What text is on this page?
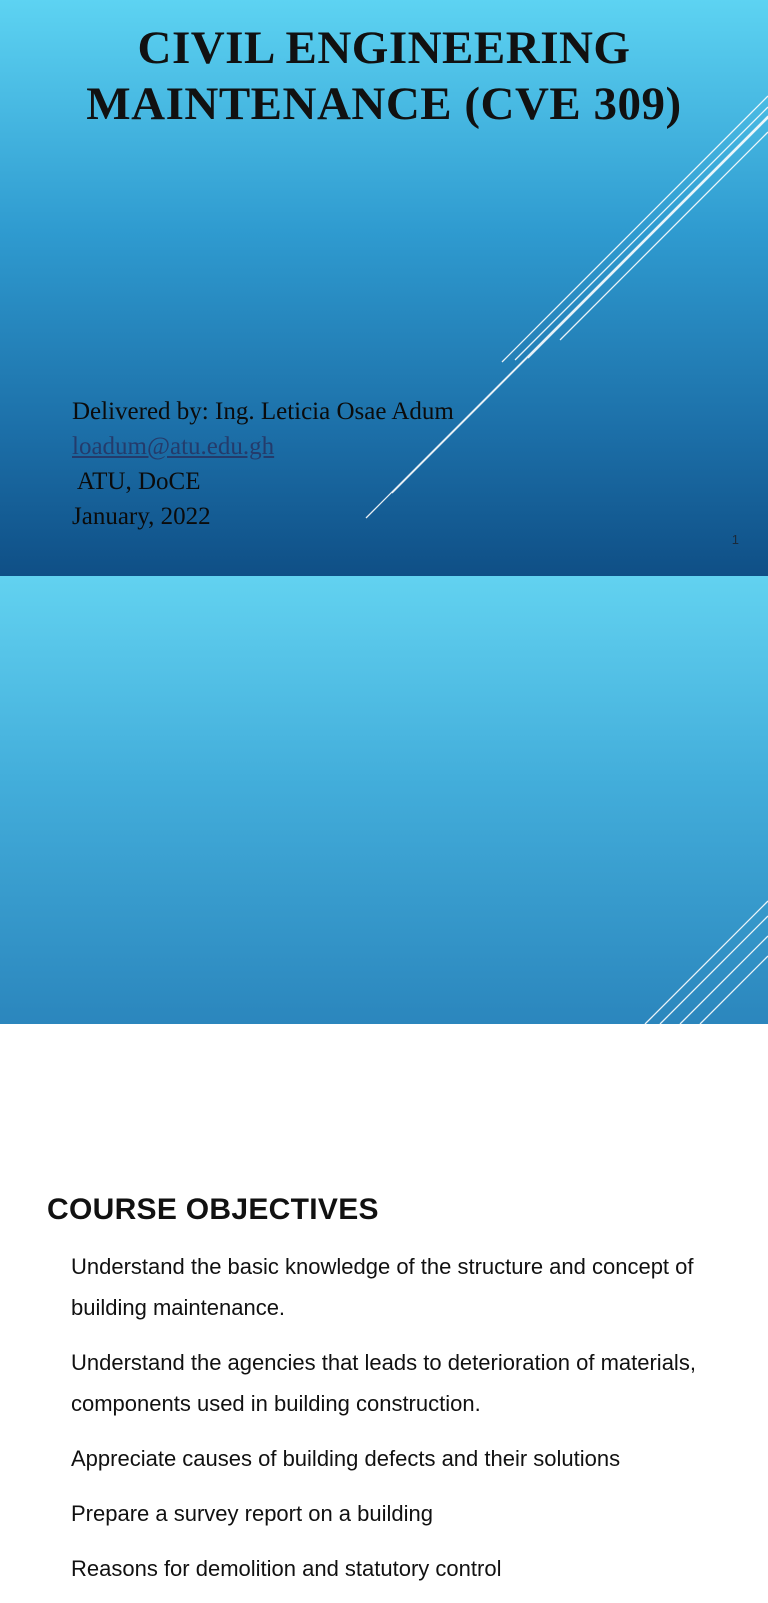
CIVIL ENGINEERING
MAINTENANCE (CVE 309)
Delivered by: Ing. Leticia Osae Adum
loadum@atu.edu.gh
ATU, DoCE
January, 2022
1
COURSE OBJECTIVES
Understand the basic knowledge of the structure and concept of building maintenance.
Understand the agencies that leads to deterioration of materials, components used in building construction.
Appreciate causes of building defects and their solutions
Prepare a survey report on a building
Reasons for demolition and statutory control
